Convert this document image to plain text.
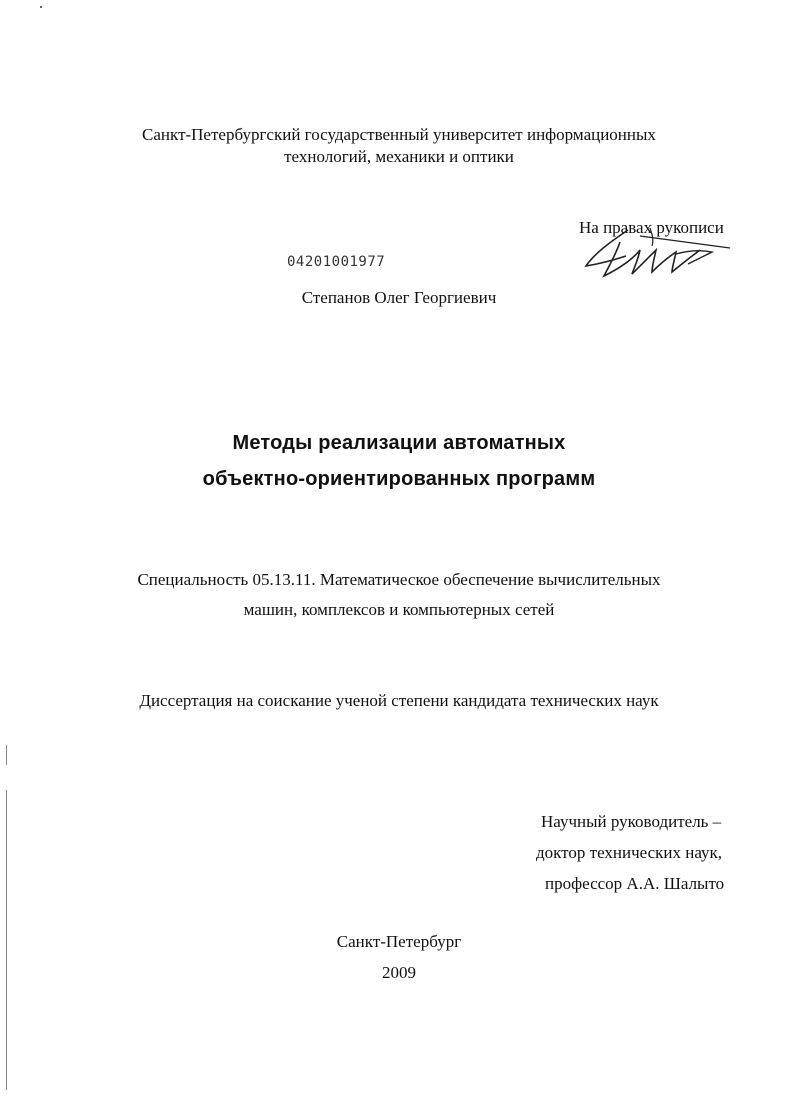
Санкт-Петербургский государственный университет информационных
технологий, механики и оптики
На правах рукописи
04201001977
Степанов Олег Георгиевич
Методы реализации автоматных
объектно-ориентированных программ
Специальность 05.13.11. Математическое обеспечение вычислительных
машин, комплексов и компьютерных сетей
Диссертация на соискание ученой степени кандидата технических наук
Научный руководитель –
доктор технических наук,
профессор А.А. Шалыто
Санкт-Петербург
2009
